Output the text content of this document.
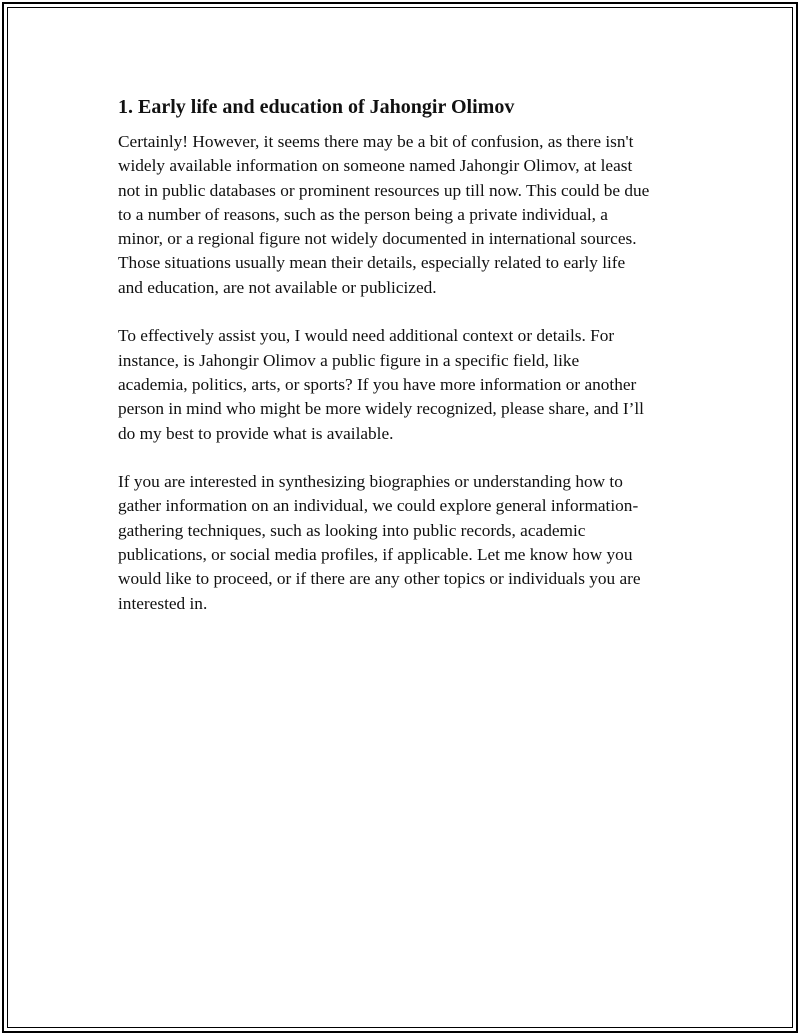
1. Early life and education of Jahongir Olimov

Certainly! However, it seems there may be a bit of confusion, as there isn't
widely available information on someone named Jahongir Olimov, at least
not in public databases or prominent resources up till now. This could be due
to a number of reasons, such as the person being a private individual, a
minor, or a regional figure not widely documented in international sources.
Those situations usually mean their details, especially related to early life
and education, are not available or publicized.

To effectively assist you, I would need additional context or details. For
instance, is Jahongir Olimov a public figure in a specific field, like
academia, politics, arts, or sports? If you have more information or another
person in mind who might be more widely recognized, please share, and I’ll
do my best to provide what is available.

If you are interested in synthesizing biographies or understanding how to
gather information on an individual, we could explore general information-
gathering techniques, such as looking into public records, academic
publications, or social media profiles, if applicable. Let me know how you
would like to proceed, or if there are any other topics or individuals you are
interested in.
